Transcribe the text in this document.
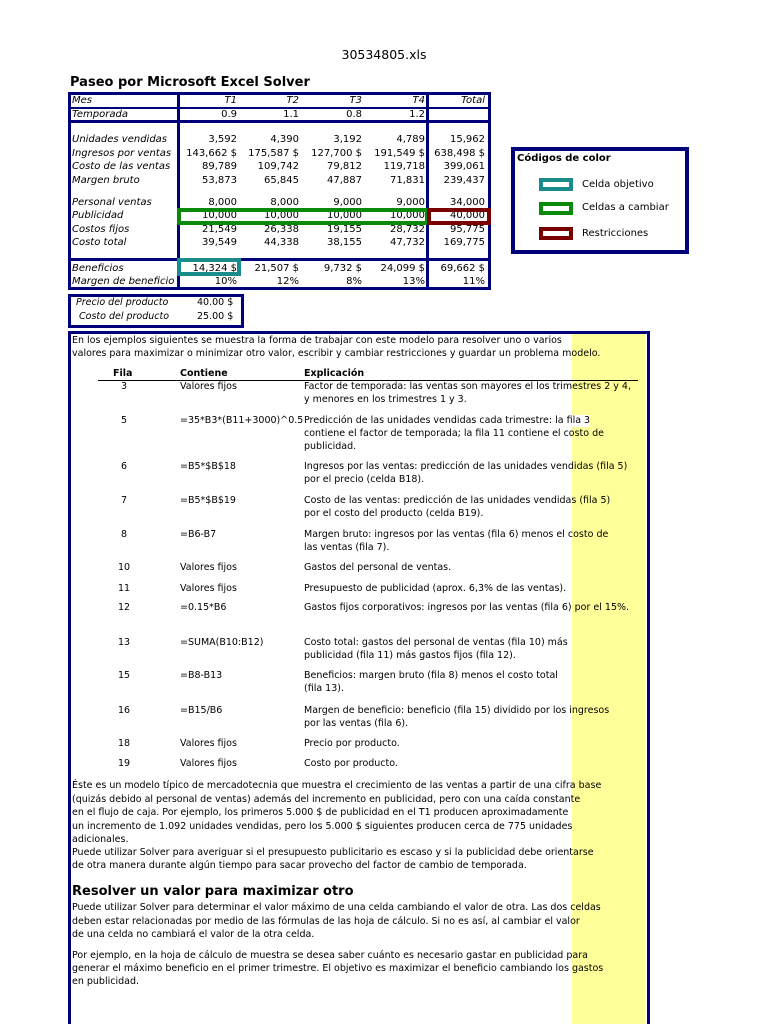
30534805.xls
Paseo por Microsoft Excel Solver
Mes	T1	T2	T3	T4	Total
Temporada	0.9	1.1	0.8	1.2
Unidades vendidas	3,592	4,390	3,192	4,789	15,962
Ingresos por ventas 143,662 $ 175,587 $ 127,700 $ 191,549 $ 638,498 $
Costo de las ventas	89,789 109,742	79,812 119,718 399,061
Margen bruto	53,873	65,845	47,887	71,831 239,437
Personal ventas	8,000	8,000	9,000	9,000	34,000
Publicidad	10,000	10,000	10,000	10,000	40,000
Costos fijos	21,549	26,338	19,155	28,732	95,775
Costo total	39,549	44,338	38,155	47,732 169,775
Beneficios	14,324 $ 21,507 $ 9,732 $ 24,099 $ 69,662 $
Margen de beneficio	10%	12%	8%	13%	11%
Códigos de color
Celda objetivo
Celdas a cambiar
Restricciones
Precio del producto	40.00 $
Costo del producto	25.00 $
En los ejemplos siguientes se muestra la forma de trabajar con este modelo para resolver uno o varios
valores para maximizar o minimizar otro valor, escribir y cambiar restricciones y guardar un problema modelo.
Fila	Contiene	Explicación
3	Valores fijos	Factor de temporada: las ventas son mayores el los trimestres 2 y 4,
y menores en los trimestres 1 y 3.
5	=35*B3*(B11+3000)^0.5 Predicción de las unidades vendidas cada trimestre: la fila 3
contiene el factor de temporada; la fila 11 contiene el costo de
publicidad.
6	=B5*$B$18	Ingresos por las ventas: predicción de las unidades vendidas (fila 5)
por el precio (celda B18).
7	=B5*$B$19	Costo de las ventas: predicción de las unidades vendidas (fila 5)
por el costo del producto (celda B19).
8	=B6-B7	Margen bruto: ingresos por las ventas (fila 6) menos el costo de
las ventas (fila 7).
10	Valores fijos	Gastos del personal de ventas.
11	Valores fijos	Presupuesto de publicidad (aprox. 6,3% de las ventas).
12	=0.15*B6	Gastos fijos corporativos: ingresos por las ventas (fila 6) por el 15%.
13	=SUMA(B10:B12)	Costo total: gastos del personal de ventas (fila 10) más
publicidad (fila 11) más gastos fijos (fila 12).
15	=B8-B13	Beneficios: margen bruto (fila 8) menos el costo total
(fila 13).
16	=B15/B6	Margen de beneficio: beneficio (fila 15) dividido por los ingresos
por las ventas (fila 6).
18	Valores fijos	Precio por producto.
19	Valores fijos	Costo por producto.
Éste es un modelo típico de mercadotecnia que muestra el crecimiento de las ventas a partir de una cifra base
(quizás debido al personal de ventas) además del incremento en publicidad, pero con una caída constante
en el flujo de caja. Por ejemplo, los primeros 5.000 $ de publicidad en el T1 producen aproximadamente
un incremento de 1.092 unidades vendidas, pero los 5.000 $ siguientes producen cerca de 775 unidades
adicionales.
Puede utilizar Solver para averiguar si el presupuesto publicitario es escaso y si la publicidad debe orientarse
de otra manera durante algún tiempo para sacar provecho del factor de cambio de temporada.
Resolver un valor para maximizar otro
Puede utilizar Solver para determinar el valor máximo de una celda cambiando el valor de otra. Las dos celdas
deben estar relacionadas por medio de las fórmulas de las hoja de cálculo. Si no es así, al cambiar el valor
de una celda no cambiará el valor de la otra celda.
Por ejemplo, en la hoja de cálculo de muestra se desea saber cuánto es necesario gastar en publicidad para
generar el máximo beneficio en el primer trimestre. El objetivo es maximizar el beneficio cambiando los gastos
en publicidad.
